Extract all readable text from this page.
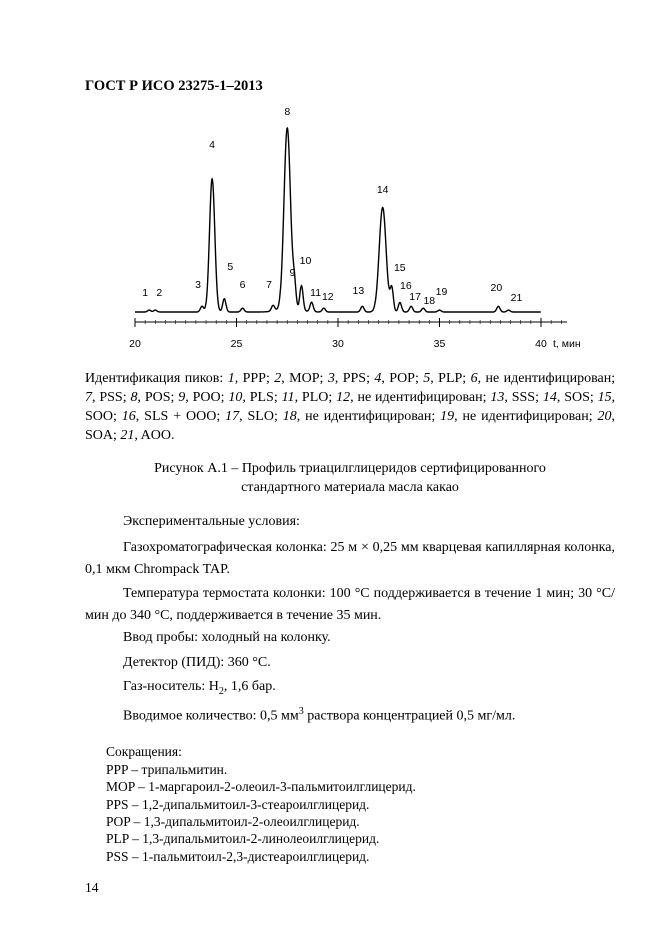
ГОСТ Р ИСО 23275-1–2013
1 2
3
4
5
6 7
8
9
10
11 12 13
14
15
16
17 18
19	20
21
20	25	30	35	40 t, мин

Идентификация пиков: 1, PPP; 2, MOP; 3, PPS; 4, POP; 5, PLP; 6, не идентифицирован; 7, PSS; 8, POS; 9, POO; 10, PLS; 11, PLO; 12, не идентифицирован; 13, SSS; 14, SOS; 15, SOO; 16, SLS + OOO; 17, SLO; 18, не идентифицирован; 19, не идентифицирован; 20, SOA; 21, AOO.

Рисунок А.1 – Профиль триацилглицеридов сертифицированного
стандартного материала масла какао

Экспериментальные условия:

Газохроматографическая колонка: 25 м × 0,25 мм кварцевая капиллярная колонка, 0,1 мкм Chrompack TAP.

Температура термостата колонки: 100 °С поддерживается в течение 1 мин; 30 °С/мин до 340 °С, поддерживается в течение 35 мин.

Ввод пробы: холодный на колонку.

Детектор (ПИД): 360 °С.

Газ-носитель: $Н_2$, 1,6 бар.

Вводимое количество: 0,5 $мм^3$ раствора концентрацией 0,5 мг/мл.

Сокращения:

PPP – трипальмитин.

MOP – 1-маргароил-2-олеоил-3-пальмитоилглицерид.

PPS – 1,2-дипальмитоил-3-стеароилглицерид.

POP – 1,3-дипальмитоил-2-олеоилглицерид.

PLP – 1,3-дипальмитоил-2-линолеоилглицерид.

PSS – 1-пальмитоил-2,3-дистеароилглицерид.

14
